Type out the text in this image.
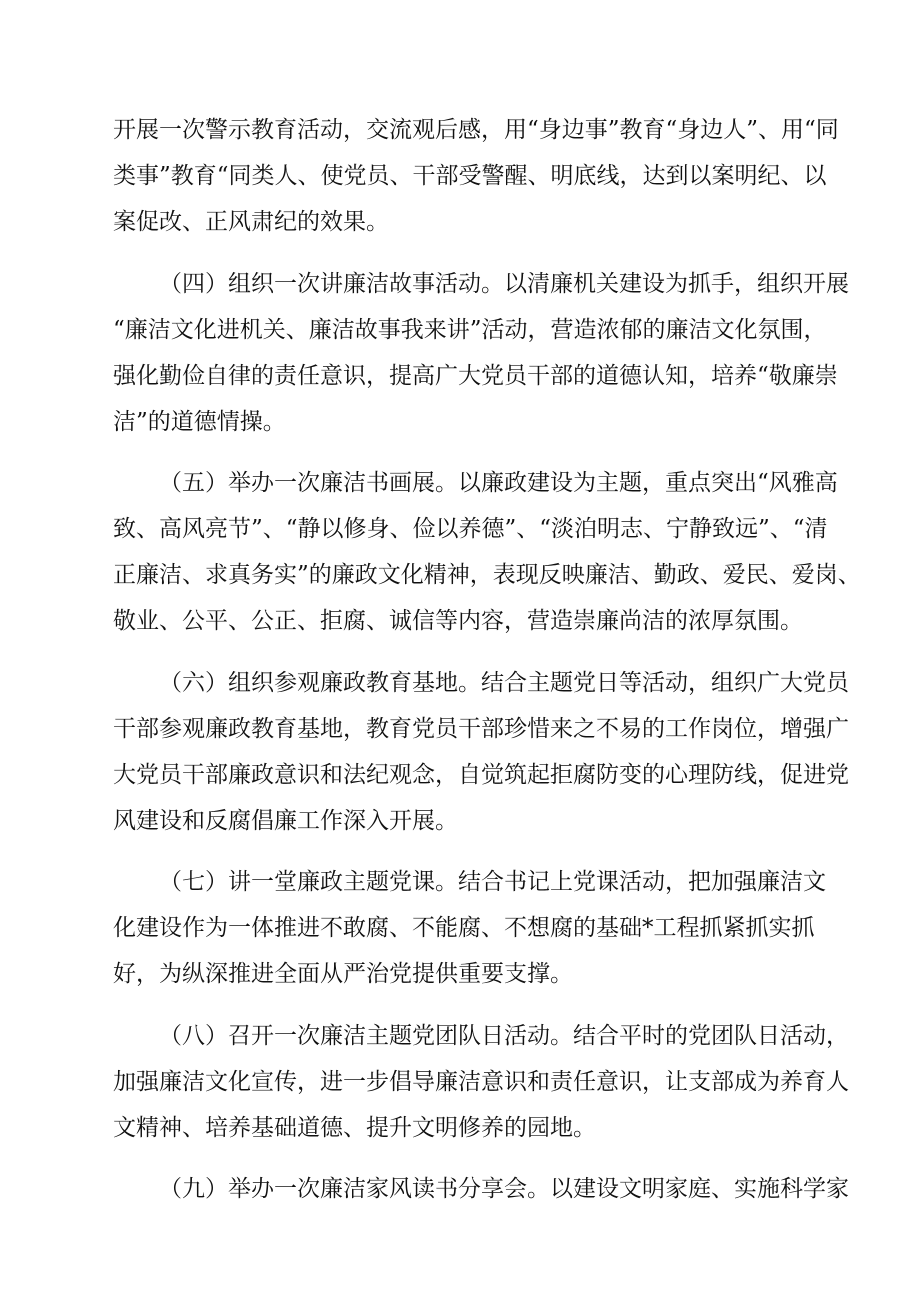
开展一次警示教育活动，交流观后感，用“身边事”教育“身边人”、用“同
类事”教育“同类人、使党员、干部受警醒、明底线，达到以案明纪、以
案促改、正风肃纪的效果。
（四）组织一次讲廉洁故事活动。以清廉机关建设为抓手，组织开展
“廉洁文化进机关、廉洁故事我来讲”活动，营造浓郁的廉洁文化氛围，
强化勤俭自律的责任意识，提高广大党员干部的道德认知，培养“敬廉崇
洁”的道德情操。
（五）举办一次廉洁书画展。以廉政建设为主题，重点突出“风雅高
致、高风亮节”、“静以修身、俭以养德”、“淡泊明志、宁静致远”、“清
正廉洁、求真务实”的廉政文化精神，表现反映廉洁、勤政、爱民、爱岗、
敬业、公平、公正、拒腐、诚信等内容，营造崇廉尚洁的浓厚氛围。
（六）组织参观廉政教育基地。结合主题党日等活动，组织广大党员
干部参观廉政教育基地，教育党员干部珍惜来之不易的工作岗位，增强广
大党员干部廉政意识和法纪观念，自觉筑起拒腐防变的心理防线，促进党
风建设和反腐倡廉工作深入开展。
（七）讲一堂廉政主题党课。结合书记上党课活动，把加强廉洁文
化建设作为一体推进不敢腐、不能腐、不想腐的基础*工程抓紧抓实抓
好，为纵深推进全面从严治党提供重要支撑。
（八）召开一次廉洁主题党团队日活动。结合平时的党团队日活动，
加强廉洁文化宣传，进一步倡导廉洁意识和责任意识，让支部成为养育人
文精神、培养基础道德、提升文明修养的园地。
（九）举办一次廉洁家风读书分享会。以建设文明家庭、实施科学家
